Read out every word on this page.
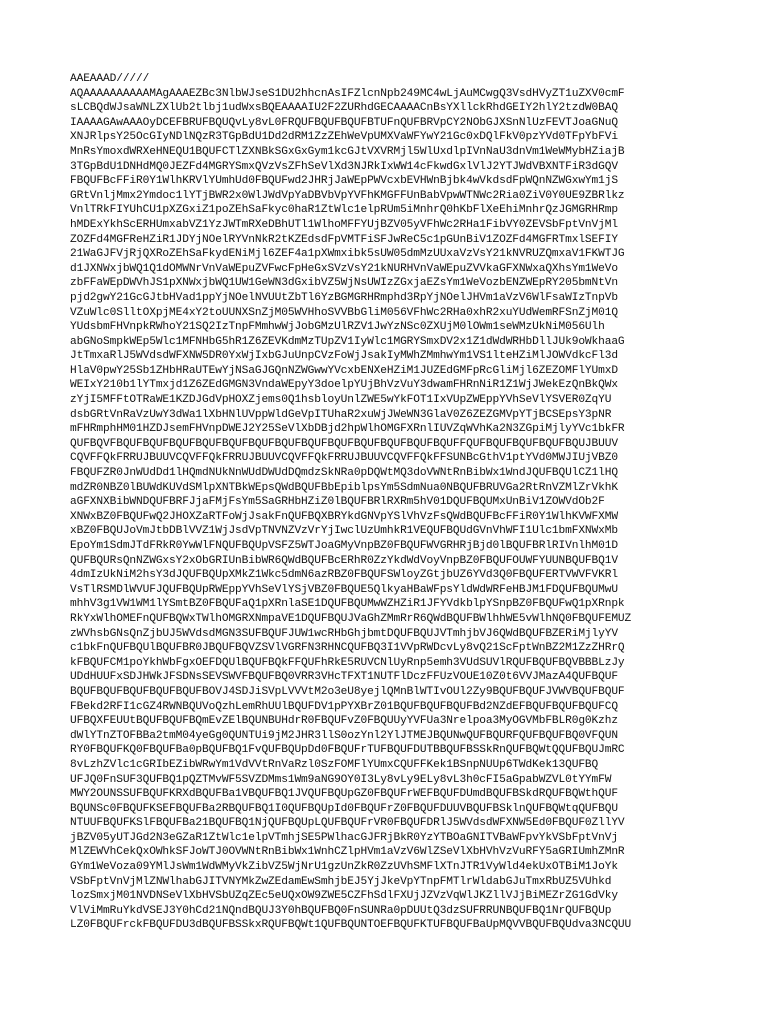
AAEAAAD/////
AQAAAAAAAAAAMAgAAAEZBc3NlbWJseS1DU2hhcnAsIFZlcnNpb249MC4wLjAuMCwgQ3VsdHVyZT1uZXV0cmF
sLCBQdWJsaWNLZXlUb2tlbj1udWxsBQEAAAAIU2F2ZURhdGECAAAACnBsYXllckRhdGEIY2hlY2tzdW0BAQ
IAAAAGAwAAAOyDCEFBRUFBQUQvLy8vL0FRQUFBQUFBQUFBTUFnQUFBRVpCY2NObGJXSnNlUzFEVTJoaGNuQ
XNJRlpsY25OcGIyNDlNQzR3TGpBdU1Dd2dRM1ZzZEhWeVpUMXVaWFYwY21Gc0xDQlFkV0pzYVd0TFpYbFVi
MnRsYmoxdWRXeHNEQU1BQUFCTlZXNBkSGxGxGym1kcGJtVXVRMjl5WlUxdlpIVnNaU3dnVm1WeWMybHZiajB
3TGpBdU1DNHdMQ0JEZFd4MGRYSmxQVzVsZFhSeVlXd3NJRkIxWW14cFkwdGxlVlJ2YTJWdVBXNTFiR3dGQV
FBQUFBcFFiR0Y1WlhKRVlYUmhUd0FBQUFwd2JHRjJaWEpPWVcxbEVHWnBjbk4wVkdsdFpWQnNZWGxwYm1jS
GRtVnljMmx2Ymdoc1lYTjBWR2x0WlJWdVpYaDBVbVpYVFhKMGFFUnBabVpwWTNWc2Ria0ZiV0Y0UE9ZBRlkz
VnlTRkFIYUhCU1pXZGxiZ1poZEhSaFkyc0haR1ZtWlc1elpRUm5iMnhrQ0hKbFlXeEhiMnhrQzJGMGRHRmp
hMDExYkhScERHUmxabVZ1YzJWTmRXeDBhUTl1WlhoMFFYUjBZV05yVFhWc2RHa1FibVY0ZEVSbFptVnVjMl
ZOZFd4MGFReHZiR1JDYjNOelRYVnNkR2tKZEdsdFpVMTFiSFJwReC5c1pGUnBiV1ZOZFd4MGFRTmxlSEFIY
21WaGJFVjRjQXRoZEhSaFkydENiMjl6ZEF4a1pXWmxibk5sUW05dmMzUUxaVzVsY21kNVRUZQmxaV1FKWTJG
d1JXNWxjbWQ1Q1dOMWNrVnVaWEpuZVFwcFpHeGxSVzVsY21kNURHVnVaWEpuZVVkaGFXNWxaQXhsYm1WeVo
zbFFaWEpDWVhJS1pXNWxjbWQ1UW1GeWN3dGxibVZ5WjNsUWIzZGxjaEZsYm1WeVozbENZWEpRY205bmNtVn
pjd2gwY21GcGJtbHVad1ppYjNOelNVUUtZbTl6YzBGMGRHRmphd3RpYjNOelJHVm1aVzV6WlFsaWIzTnpVb
VZuWlc0SlltOXpjME4xY2toUUNXSnZjM05WVHhoSVVBbGliM056VFhWc2RHa0xhR2xuYUdWemRFSnZjM01Q
YUdsbmFHVnpkRWhoY21SQ2IzTnpFMmhwWjJobGMzUlRZV1JwYzNSc0ZXUjM0lOWm1seWMzUkNiM056Ulh
abGNoSmpkWEp5Wlc1MFNHbG5hR1Z6ZEVKdmMzTUpZV1IyWlc1MGRYSmxDV2x1Z1dWdWRHbDllJUk9oWkhaaG
JtTmxaRlJ5WVdsdWFXNW5DR0YxWjIxbGJuUnpCVzFoWjJsakIyMWhZMmhwYm1VS1lteHZiMlJOWVdkcFl3d
HlaV0pwY25Sb1ZHbHRaUTEwYjNSaGJGQnNZWGwwYVcxbENXeHZiM1JUZEdGMFpRcGliMjl6ZEZOMFlYUmxD
WEIxY210b1lYTmxjd1Z6ZEdGMGN3VndaWEpyY3doelpYUjBhVzVuY3dwamFHRnNiR1Z1WjJWekEzQnBkQWx
zYjI5MFFtOTRaWE1KZDJGdVpHOXZjems0Q1hsbloyUnlZWE5wYkFOT1IxVUpZWEppYVhSeVlYSVER0ZqYU
dsbGRtVnRaVzUwY3dWa1lXbHNlUVppWldGeVpITUhaR2xuWjJWeWN3GlaV0Z6ZEZGMVpYTjBCSEpsY3pNR
mFHRmphHM01HZDJsemFHVnpDWEJ2Y25SeVlXbDBjd2hpWlhOMGFXRnlIUVZqWVhKa2N3ZGpiMjlyYVc1bkFR
QUFBQVFBQUFBQUFBQUFBQUFBQUFBQUFBQUFBQUFBQUFBQUFBQUFBQUFBQUFFQUFBQUFBQUFBQUFBQUJBUUV
CQVFFQkFRRUJBUUVCQVFFQkFRRUJBUUVCQVFFQkFRRUJBUUVCQVFFQkFFSUNBcGthV1ptYVd0MWJIUjVBZ0
FBQUFZR0JnWUdDd1lHQmdNUkNnWUdDWUdDQmdzSkNRa0pDQWtMQ3doVWNtRnBibWx1WndJQUFBQUlCZ1lHQ
mdZR0NBZ0lBUWdKUVdSMlpXNTBkWEpsQWdBQUFBbEpiblpsYm5SdmNua0NBQUFBRUVGa2RtRnVZMlZrVkhK
aGFXNXBibWNDQUFBRFJjaFMjFsYm5SaGRHbHZiZ0lBQUFBRlRXRm5hV01DQUFBQUMxUnBiV1ZOWVdOb2F
XNWxBZ0FBQUFwQ2JHOXZaRTFoWjJsakFnQUFBQXBRYkdGNVpYSlVhVzFsQWdBQUFBcFFiR0Y1WlhKVWFXMW
xBZ0FBQUJoVmJtbDBlVVZ1WjJsdVpTNVNZVzVrYjIwclUzUmhkR1VEQUFBQUdGVnVhWFI1Ulc1bmFXNWxMb
EpoYm1SdmJTdFRkR0YwWlFNQUFBQUpVSFZ5WTJoaGMyVnpBZ0FBQUFWVGRHRjBjd0lBQUFBRlRIVnlhM01D
QUFBQURsQnNZWGxsY2xObGRIUnBibWR6QWdBQUFBcERhR0ZzYkdWdVoyVnpBZ0FBQUFOUWFYUUNBQUFBQ1V
4dmIzUkNiM2hsY3dJQUFBQUpXMkZ1Wkc5dmN6azRBZ0FBQUFSWloyZGtjbUZ6YVd3Q0FBQUFERTVWVFVKRl
VsTlRSMDlWVUFJQUFBQUpRWEppYVhSeVlYSjVBZ0FBQUE5QlkyaHBaWFpsYldWdWRFeHBJM1FDQUFBQUMwU
mhhV3g1VW1WM1lYSmtBZ0FBQUFaQ1pXRnlaSE1DQUFBQUMwWZHZiR1JFYVdkblpYSnpBZ0FBQUFwQ1pXRnpk
RkYxWlhOMEFnQUFBQWxTWlhOMGRXNmpaVE1DQUFBQUJVaGhZMmRrR6QWdBQUFBWlhhWE5vWlhNQ0FBQUFEMUZ
zWVhsbGNsQnZjbUJ5WVdsdMGN3SUFBQUFJUW1wcRHbGhjbmtDQUFBQUJVTmhjbVJ6QWdBQUFBZERiMjlyYV
c1bkFnQUFBQUlBQUFBR0JBQUFBQVZSVlVGRFN3RHNCQUFBQ3I1VVpRWDcvLy8vQ21ScFptWnBZ2M1ZzZHRrQ
kFBQUFCM1poYkhWbFgxOEFDQUlBQUFBQkFFQUFhRkE5RUVCNlUyRnp5emh3VUdSUVlRQUFBQUFBQVBBBLzJy
UDdHUUFxSDJHWkJFSDNsSEVSWVFBQUFBQ0VRR3VHcTFXT1NUTFlDczFFUzVOUE10Z0t6VVJMazA4QUFBQUF
BQUFBQUFBQUFBQUFBQUFBOVJ4SDJiSVpLVVVtM2o3eU8yejlQMnBlWTIvOUl2Zy9BQUFBQUFJVWVBQUFBQUF
FBekd2RFI1cGZ4RWNBQUVoQzhLemRhUUlBQUFDV1pPYXBrZ01BQUFBQUFBQUFBd2NZdEFBQUFBQUFBQUFCQ
UFBQXFEUUtBQUFBQUFBQmEvZElBQUNBUHdrR0FBQUFvZ0FBQUUyYVFUa3Nrelpoa3MyOGVMbFBLR0g0Kzhz
dWlYTnZTOFBBa2tmM04yeGg0QUNTUi9jM2JHR3llS0ozYnl2YlJTMEJBQUNwQUFBQURFQUFBQUFBQ0VFQUN
RY0FBQUFKQ0FBQUFBa0pBQUFBQ1FvQUFBQUpDd0FBQUFrTUFBQUFDUTBBQUFBSSkRnQUFBQWtQQUFBQUJmRC
8vLzhZVlc1cGRIbEZibWRwYm1VdVVtRnVaRzl0SzFOMFlYUmxCQUFFKek1BSnpNUUp6TWdKek13QUFBQ
UFJQ0FnSUF3QUFBQ1pQZTMvWF5SVZDMms1Wm9aNG9OY0I3Ly8vLy9ELy8vL3h0cFI5aGpabWZVL0tYYmFW
MWY2OUNSSUFBQUFKRXdBQUFBa1VBQUFBQ1JVQUFBQUpGZ0FBQUFrWEFBQUFDUmdBQUFBSkdRQUFBQWthQUF
BQUNSc0FBQUFKSEFBQUFBa2RBQUFBQ1I0QUFBQUpId0FBQUFrZ0FBQUFDUUVBQUFBSklnQUFBQWtqQUFBQU
NTUUFBQUFKSlFBQUFBa21BQUFBQ1NjQUFBQUpLQUFBQUFrVR0FBQUFDRlJ5WVdsdWFXNW5Ed0FBQUF0ZllYV
jBZV05yUTJGd2N3eGZaR1ZtWlc1elpVTmhjSE5PWlhacGJFRjBkR0YzYTBOaGNITVBaWFpvYkVSbFptVnVj
MlZEWVhCekQxOWhkSFJoWTJ0OVWNtRnBibWx1WnhCZlpHVm1aVzV6WlZSeVlXbHVhVzVuRFY5aGRIUmhZMnR
GYm1WeVoza09YMlJsWm1WdWMyVkZibVZ5WjNrU1gzUnZkR0ZzUVhSMFlXTnJTR1VyWld4ekUxOTBiM1JoYk
VSbFptVnVjMlZNWlhabGJITVNYMkZwZEdamEwSmhjbEJ5YjJkeVpYTnpFMTlrWldabGJuTmxRbUZ5VUhkd
lozSmxjM01NVDNSeVlXbHVSbUZqZEc5eUQxOW9ZWE5CZFhSdlFXUjJZVzVqWlJKZllVJjBiMEZrZG1GdVky
VlViMmRuYkdVSEJ3Y0hCd21NQndBQUJ3Y0hBQUFBQ0FnSUNRa0pDUUtQ3dzSUFRRUNBQUFBQ1NrQUFBQUp
LZ0FBQUFrckFBQUFDU3dBQUFBSSkxRQUFBQWt1QUFBQUNTOEFBQUFKTUFBQUFBaUpMQVVBQUFBQUdva3NCQUU
